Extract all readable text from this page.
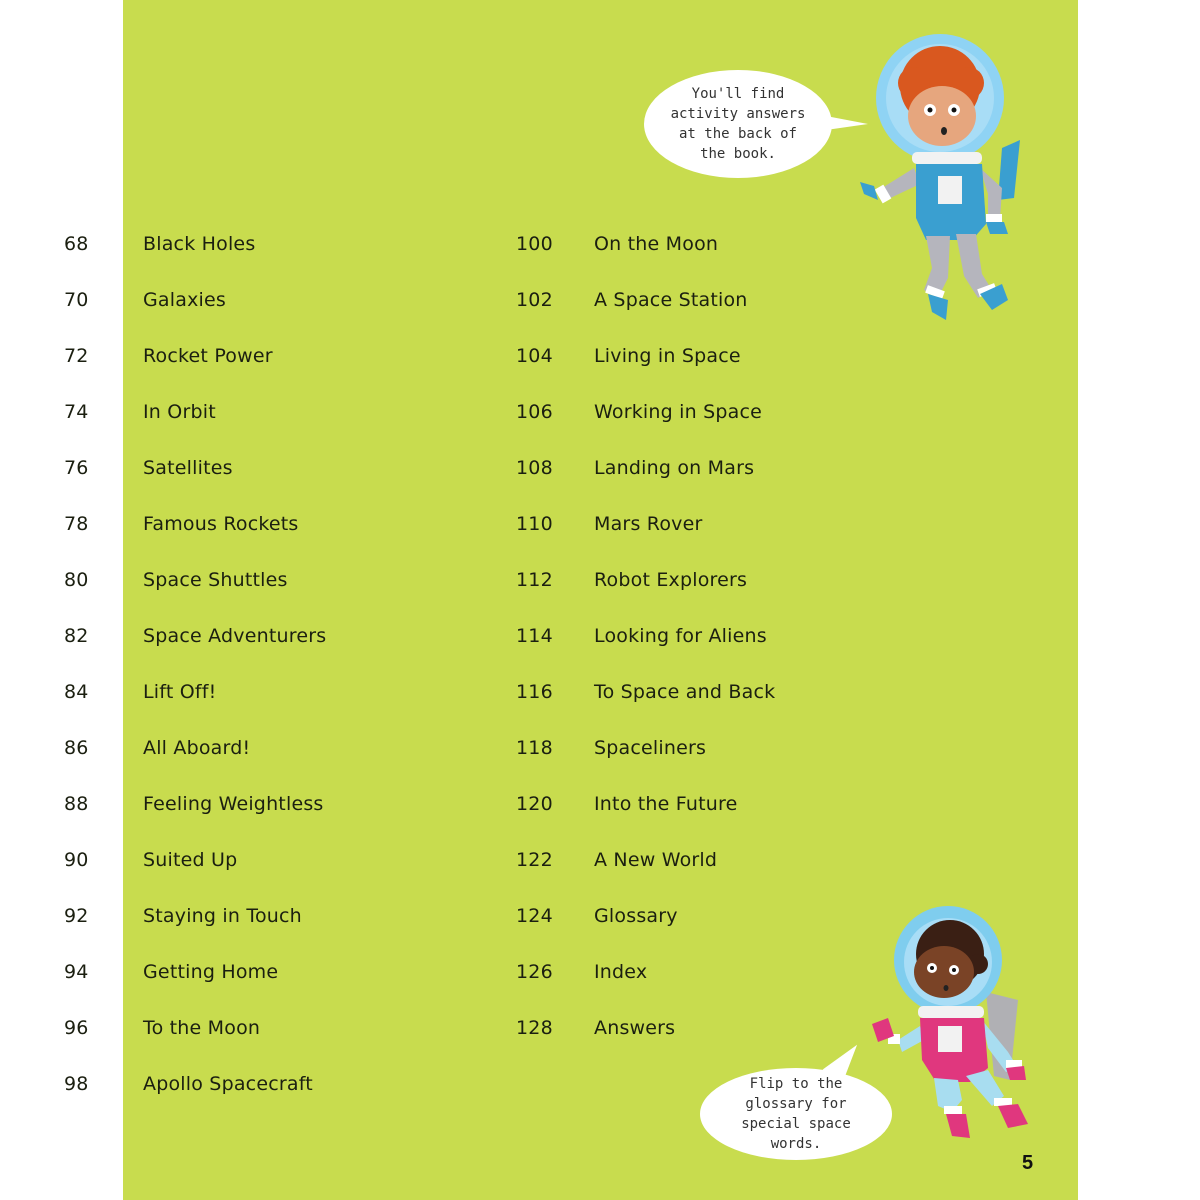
68	Black Holes
70	Galaxies
72	Rocket Power
74	In Orbit
76	Satellites
78	Famous Rockets
80	Space Shuttles
82	Space Adventurers
84	Lift Off!
86	All Aboard!
88	Feeling Weightless
90	Suited Up
92	Staying in Touch
94	Getting Home
96	To the Moon
98	Apollo Spacecraft
100 On the Moon
102 A Space Station
104 Living in Space
106 Working in Space
108 Landing on Mars
110 Mars Rover
112 Robot Explorers
114 Looking for Aliens
116 To Space and Back
118 Spaceliners
120 Into the Future
122 A New World
124 Glossary
126 Index
128 Answers
You'll find activity answers at the back of the book.
Flip to the glossary for special space words.
5
